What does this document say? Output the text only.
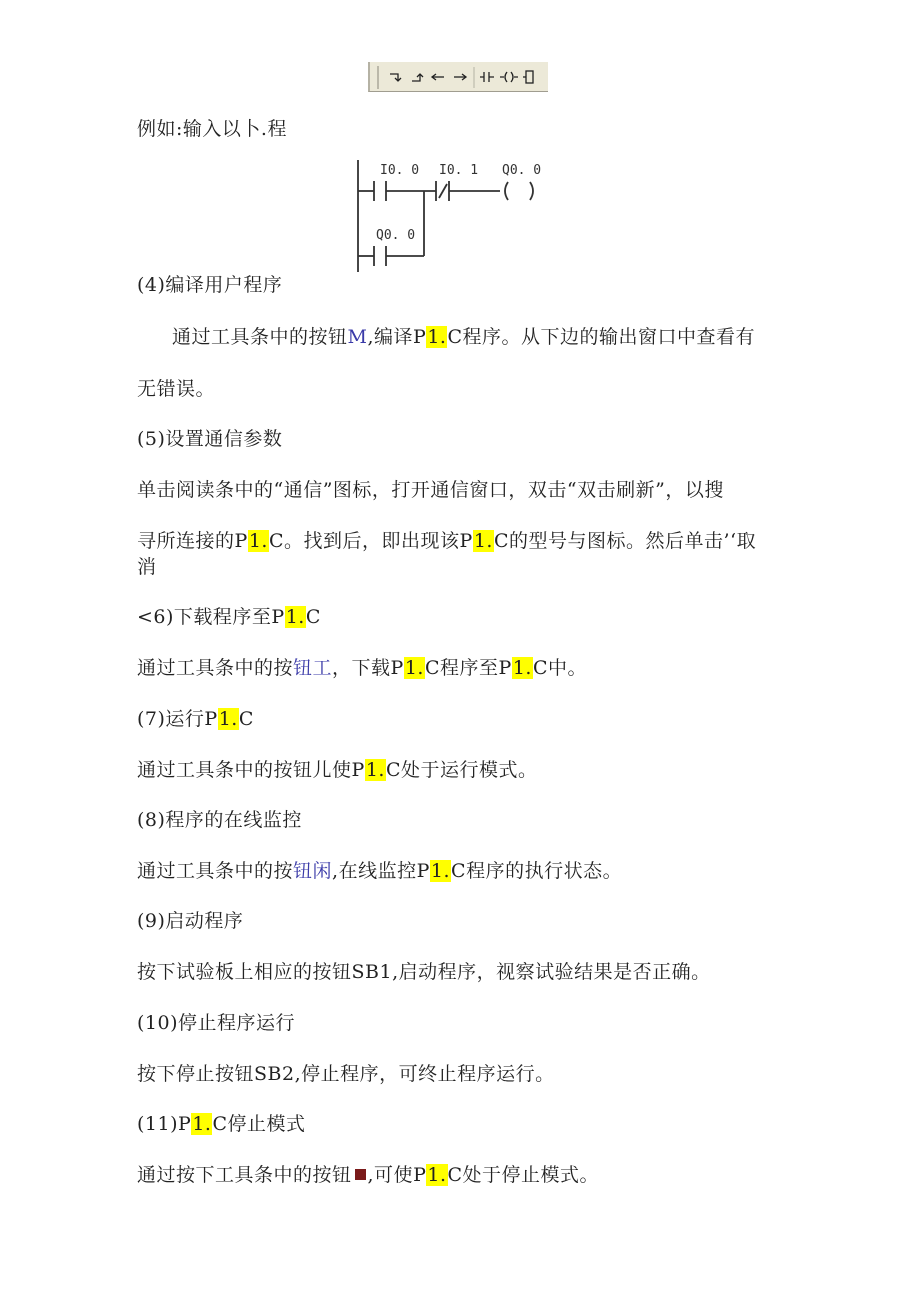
例如:输入以卜.程
I0. 0 I0. 1 Q0. 0
Q0. 0
(4)编译用户程序
通过工具条中的按钮M,编译P1.C程序。从下边的输出窗口中查看有
无错误。
(5)设置通信参数
单击阅读条中的“通信”图标，打开通信窗口，双击“双击刷新”，以搜
寻所连接的P1.C。找到后，即出现该P1.C的型号与图标。然后单击’‘取
消
<6)下载程序至P1.C
通过工具条中的按钮工，下载P1.C程序至P1.C中。
(7)运行P1.C
通过工具条中的按钮儿使P1.C处于运行模式。
(8)程序的在线监控
通过工具条中的按钮闲,在线监控P1.C程序的执行状态。
(9)启动程序
按下试验板上相应的按钮SB1,启动程序，视察试验结果是否正确。
(10)停止程序运行
按下停止按钮SB2,停止程序，可终止程序运行。
(11)P1.C停止模式
通过按下工具条中的按钮 ,可使P1.C处于停止模式。
